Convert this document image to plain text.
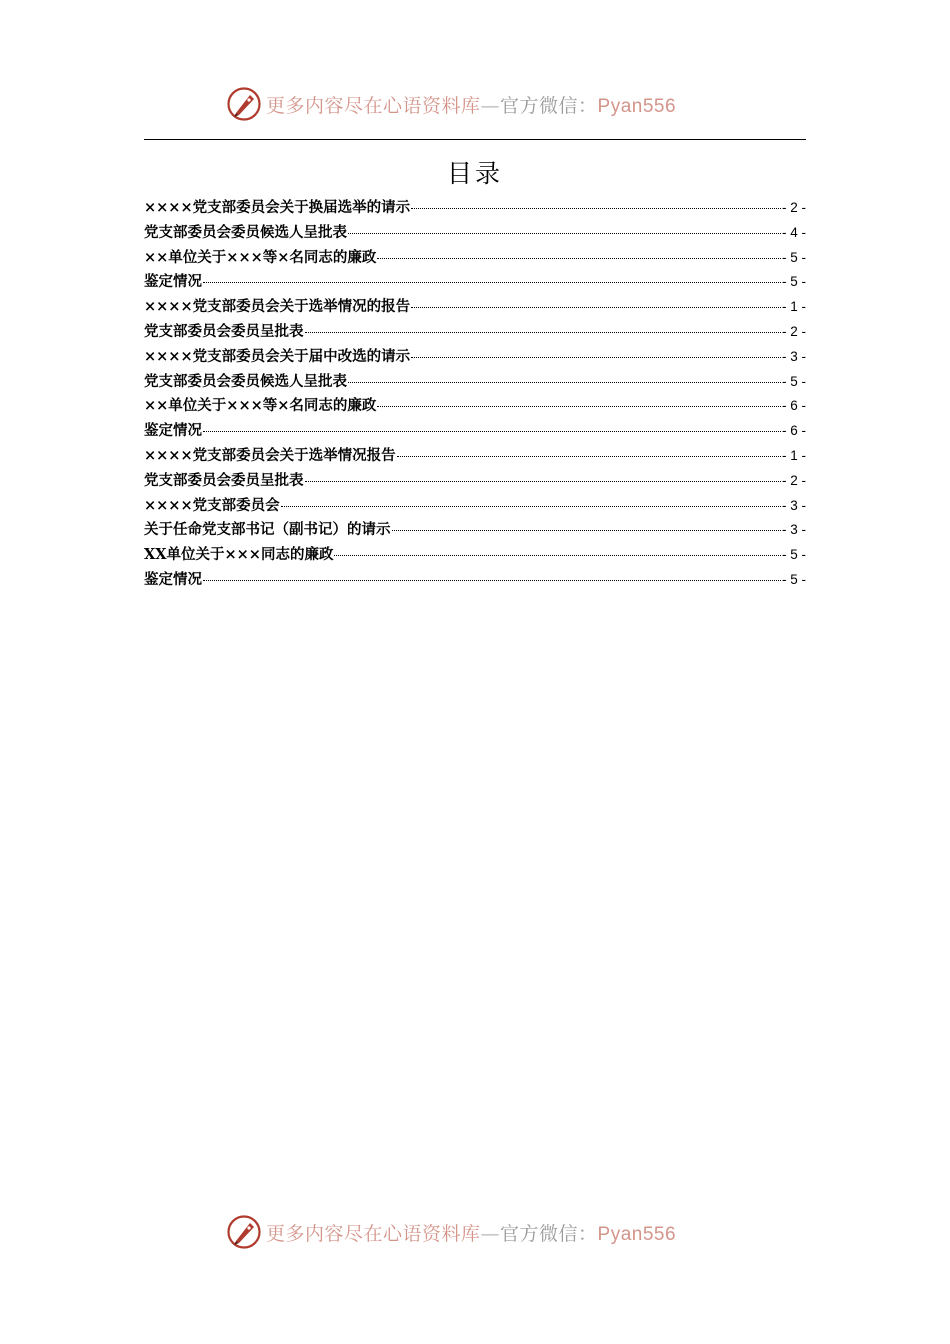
更多内容尽在心语资料库—官方微信：Pyan556
目录
××××党支部委员会关于换届选举的请示	- 2 -
党支部委员会委员候选人呈批表	- 4 -
××单位关于×××等×名同志的廉政	- 5 -
鉴定情况	- 5 -
××××党支部委员会关于选举情况的报告	- 1 -
党支部委员会委员呈批表	- 2 -
××××党支部委员会关于届中改选的请示	- 3 -
党支部委员会委员候选人呈批表	- 5 -
××单位关于×××等×名同志的廉政	- 6 -
鉴定情况	- 6 -
××××党支部委员会关于选举情况报告	- 1 -
党支部委员会委员呈批表	- 2 -
××××党支部委员会	- 3 -
关于任命党支部书记（副书记）的请示	- 3 -
XX单位关于×××同志的廉政	- 5 -
鉴定情况	- 5 -
更多内容尽在心语资料库—官方微信：Pyan556
